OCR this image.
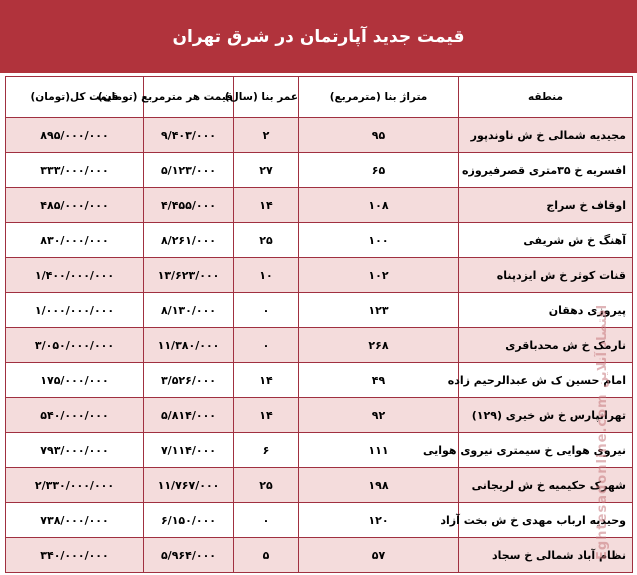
قیمت جدید آپارتمان در شرق تهران
منطقه	متراژ بنا (مترمربع)	عمر بنا (سال)	قیمت هر مترمربع (تومان)	قیمت کل(تومان)
مجیدیه شمالی خ ش ناوندپور	۹۵	۲	۹/۴۰۳/۰۰۰	۸۹۵/۰۰۰/۰۰۰
افسریه خ ۳۵متری قصرفیروزه	۶۵	۲۷	۵/۱۲۳/۰۰۰	۳۳۳/۰۰۰/۰۰۰
اوقاف خ سراج	۱۰۸	۱۴	۴/۴۵۵/۰۰۰	۴۸۵/۰۰۰/۰۰۰
آهنگ خ ش شریفی	۱۰۰	۲۵	۸/۲۶۱/۰۰۰	۸۳۰/۰۰۰/۰۰۰
قنات کوثر خ ش ایزدپناه	۱۰۲	۱۰	۱۳/۶۲۳/۰۰۰	۱/۴۰۰/۰۰۰/۰۰۰
پیروزی دهقان	۱۲۳	۰	۸/۱۳۰/۰۰۰	۱/۰۰۰/۰۰۰/۰۰۰
نارمک خ ش محدباقری	۲۶۸	۰	۱۱/۳۸۰/۰۰۰	۳/۰۵۰/۰۰۰/۰۰۰
امام حسین ک ش عبدالرحیم زاده	۴۹	۱۴	۳/۵۲۶/۰۰۰	۱۷۵/۰۰۰/۰۰۰
تهرانپارس خ ش خیری (۱۲۹)	۹۲	۱۴	۵/۸۱۴/۰۰۰	۵۴۰/۰۰۰/۰۰۰
نیروی هوایی خ سیمتری نیروی هوایی	۱۱۱	۶	۷/۱۱۴/۰۰۰	۷۹۳/۰۰۰/۰۰۰
شهرک حکیمیه خ ش لریجانی	۱۹۸	۲۵	۱۱/۷۶۷/۰۰۰	۲/۳۳۰/۰۰۰/۰۰۰
وحیدیه ارباب مهدی خ ش بخت آزاد	۱۲۰	۰	۶/۱۵۰/۰۰۰	۷۳۸/۰۰۰/۰۰۰
نظام آباد شمالی خ سجاد	۵۷	۵	۵/۹۶۴/۰۰۰	۳۴۰/۰۰۰/۰۰۰	Eghtesadonline.com اقتصاد آنلاین
